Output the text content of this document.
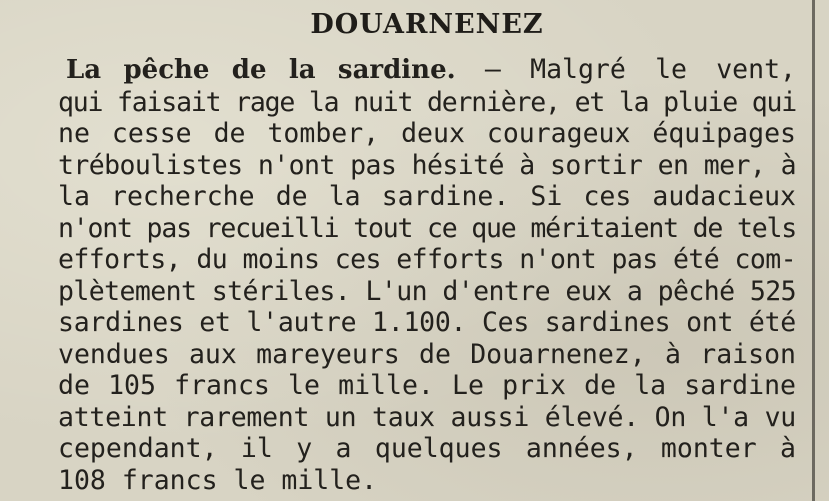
DOUARNENEZ
La pêche de la sardine. — Malgré le vent,
qui faisait rage la nuit dernière, et la pluie qui
ne cesse de tomber, deux courageux équipages
tréboulistes n'ont pas hésité à sortir en mer, à
la recherche de la sardine. Si ces audacieux
n'ont pas recueilli tout ce que méritaient de tels
efforts, du moins ces efforts n'ont pas été com-
plètement stériles. L'un d'entre eux a pêché 525
sardines et l'autre 1.100. Ces sardines ont été
vendues aux mareyeurs de Douarnenez, à raison
de 105 francs le mille. Le prix de la sardine
atteint rarement un taux aussi élevé. On l'a vu
cependant, il y a quelques années, monter à
108 francs le mille.
